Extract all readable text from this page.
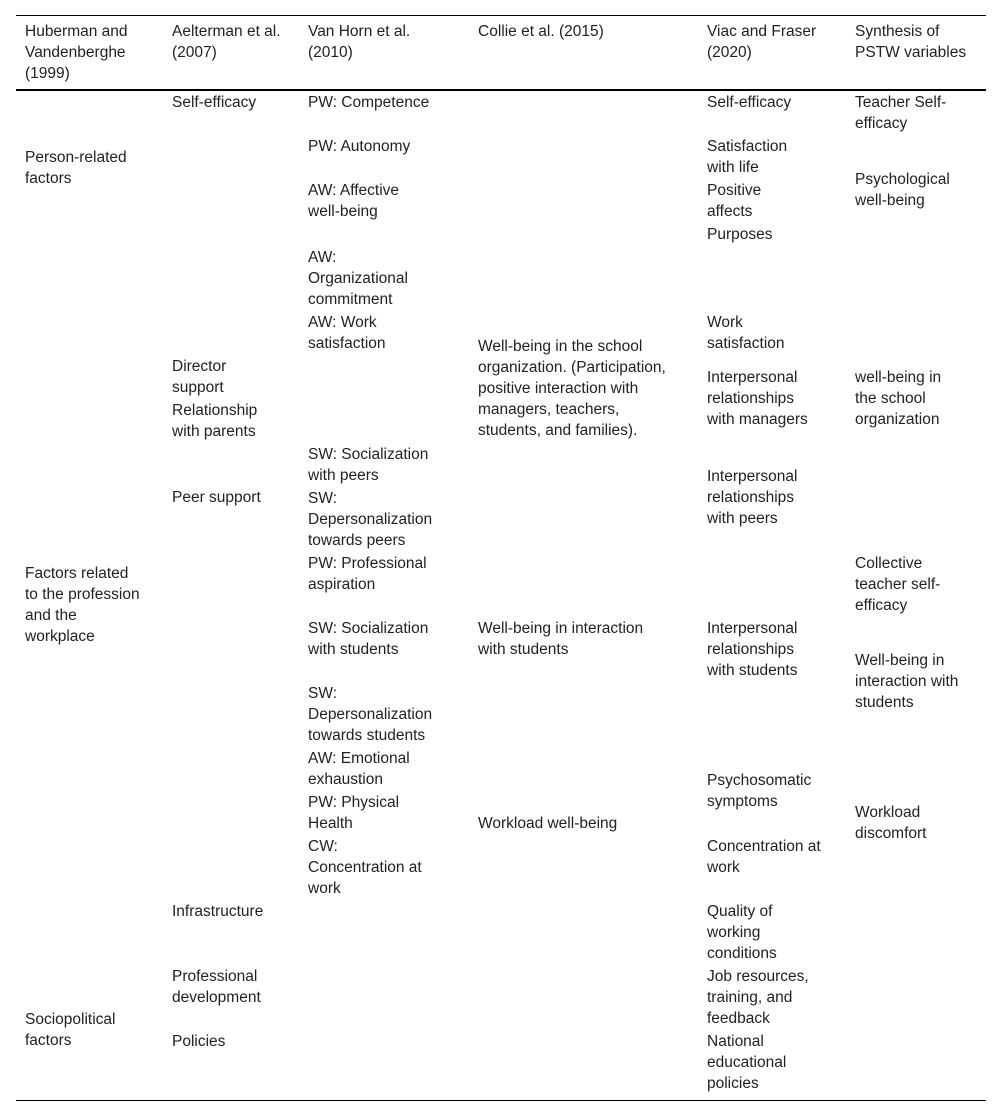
Huberman and Vandenberghe (1999)
Aelterman et al. (2007)
Van Horn et al. (2010)
Collie et al. (2015)	Viac and Fraser (2020)
Synthesis of PSTW variables
Person-related factors
Factors related to the profession and the workplace
Sociopolitical factors
Self-efficacy
Director support
Relationship with parents
Peer support
Infrastructure
Professional development
Policies
PW: Competence
PW: Autonomy
AW: Affective well-being
AW: Organizational commitment
AW: Work satisfaction
SW: Socialization with peers
SW: Depersonalization towards peers
PW: Professional aspiration
SW: Socialization with students
SW: Depersonalization towards students
AW: Emotional exhaustion
PW: Physical Health
CW: Concentration at work
Well-being in the school organization. (Participation, positive interaction with managers, teachers, students, and families).
Well-being in interaction with students
Workload well-being
Self-efficacy
Satisfaction with life
Positive affects
Purposes
Work satisfaction
Interpersonal relationships with managers
Interpersonal relationships with peers
Interpersonal relationships with students
Psychosomatic symptoms
Concentration at work
Quality of working conditions
Job resources, training, and feedback
National educational policies
Teacher Self-efficacy
Psychological well-being
well-being in the school organization
Collective teacher self-efficacy
Well-being in interaction with students
Workload discomfort
